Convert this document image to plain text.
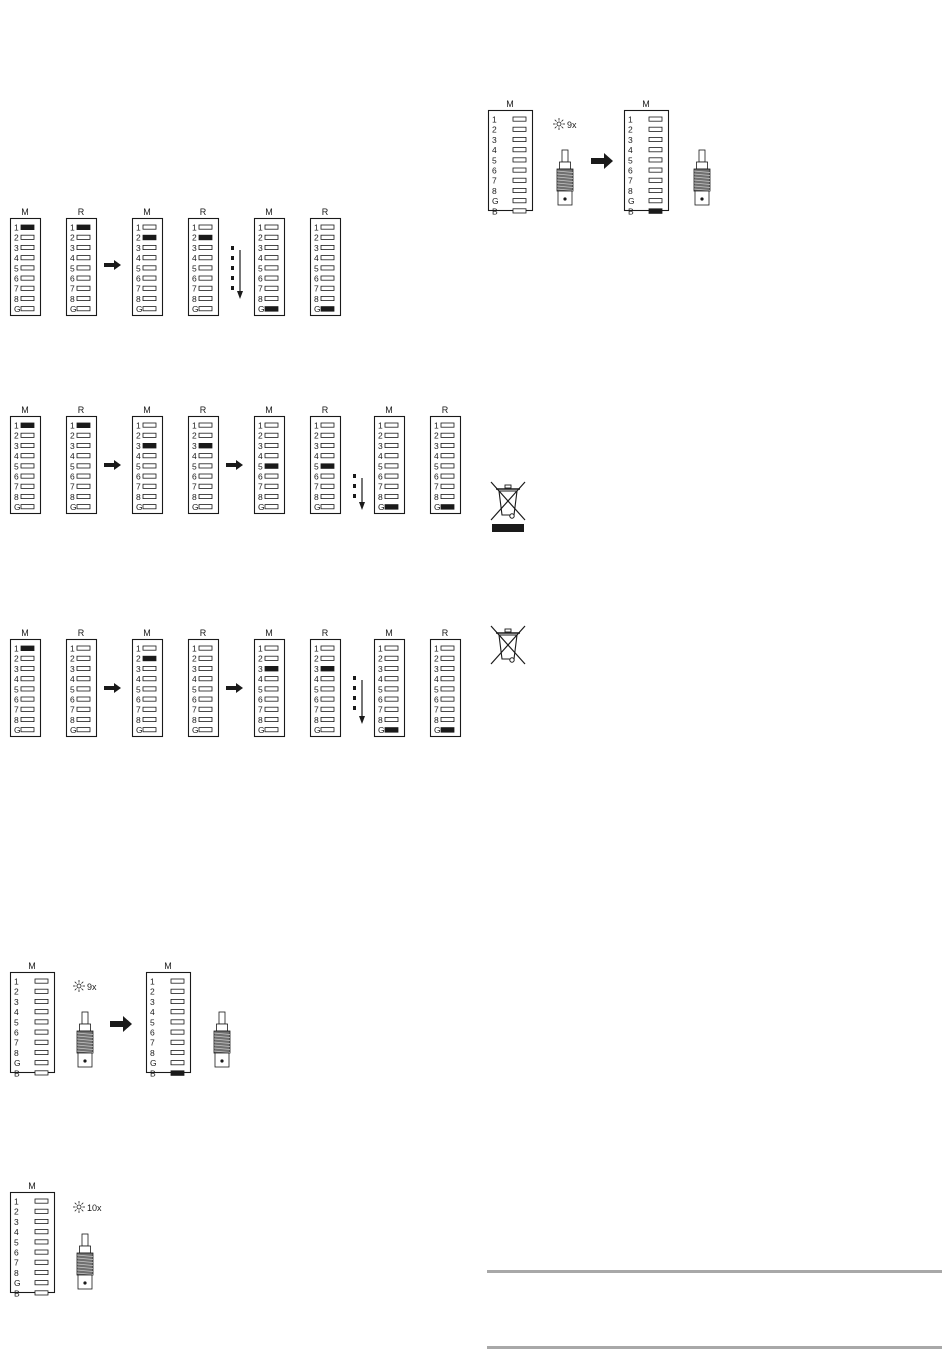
M
1
2
3
4
5
6
7
8
G
R
1
2
3
4
5
6
7
8
G
M
1
2
3
4
5
6
7
8
G
R
1
2
3
4
5
6
7
8
G
M
1
2
3
4
5
6
7
8
G
R
1
2
3
4
5
6
7
8
G
M
1
2
3
4
5
6
7
8
G
R
1
2
3
4
5
6
7
8
G
M
1
2
3
4
5
6
7
8
G
R
1
2
3
4
5
6
7
8
G
M
1
2
3
4
5
6
7
8
G
R
1
2
3
4
5
6
7
8
G
M
1
2
3
4
5
6
7
8
G
R
1
2
3
4
5
6
7
8
G
M
1
2
3
4
5
6
7
8
G
R
1
2
3
4
5
6
7
8
G
M
1
2
3
4
5
6
7
8
G
R
1
2
3
4
5
6
7
8
G
M
1
2
3
4
5
6
7
8
G
R
1
2
3
4
5
6
7
8
G
M
1
2
3
4
5
6
7
8
G
R
1
2
3
4
5
6
7
8
G
M
1
2
3
4
5
6
7
8
G
B
9x
M
1
2
3
4
5
6
7
8
G
B
M
1
2
3
4
5
6
7
8
G
B
10x
M
1
2
3
4
5
6
7
8
G
B
9x
M
1
2
3
4
5
6
7
8
G
B
